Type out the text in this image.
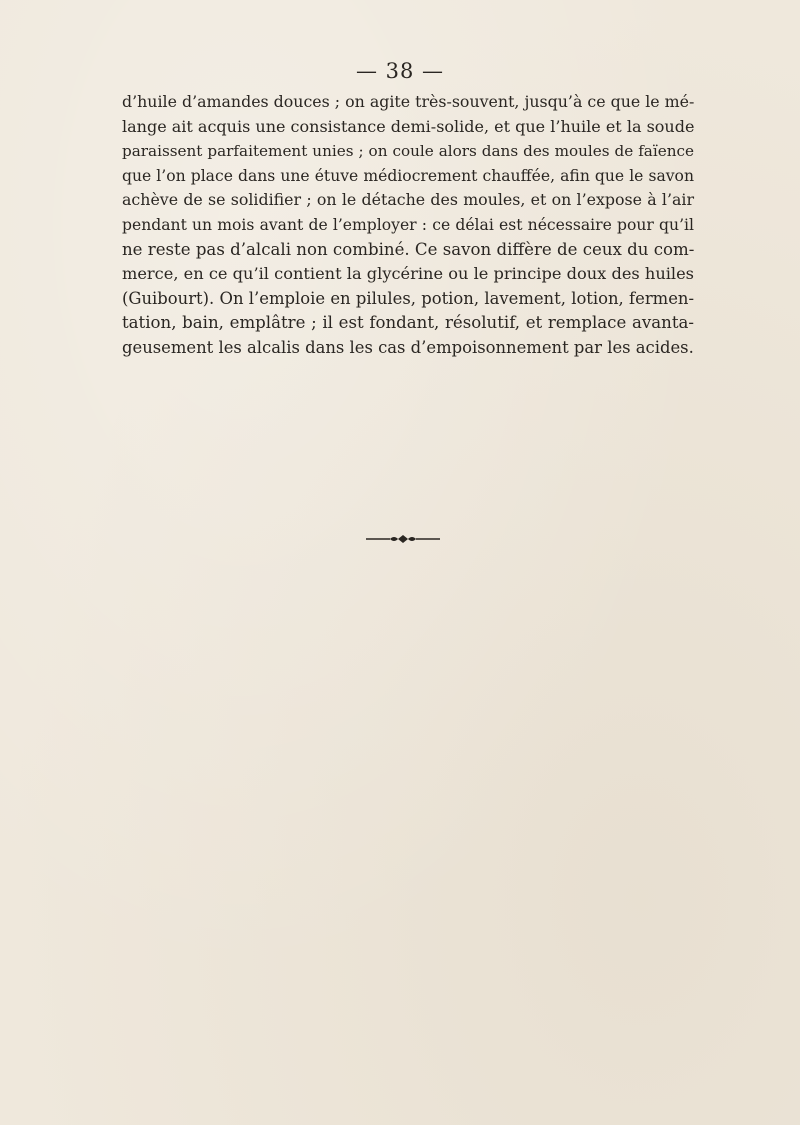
— 38 —
d’huile d’amandes douces ; on agite très-souvent, jusqu’à ce que le mé-
lange ait acquis une consistance demi-solide, et que l’huile et la soude
paraissent parfaitement unies ; on coule alors dans des moules de faïence
que l’on place dans une étuve médiocrement chauffée, afin que le savon
achève de se solidifier ; on le détache des moules, et on l’expose à l’air
pendant un mois avant de l’employer : ce délai est nécessaire pour qu’il
ne reste pas d’alcali non combiné. Ce savon diffère de ceux du com-
merce, en ce qu’il contient la glycérine ou le principe doux des huiles
(Guibourt). On l’emploie en pilules, potion, lavement, lotion, fermen-
tation, bain, emplâtre ; il est fondant, résolutif, et remplace avanta-
geusement les alcalis dans les cas d’empoisonnement par les acides.
